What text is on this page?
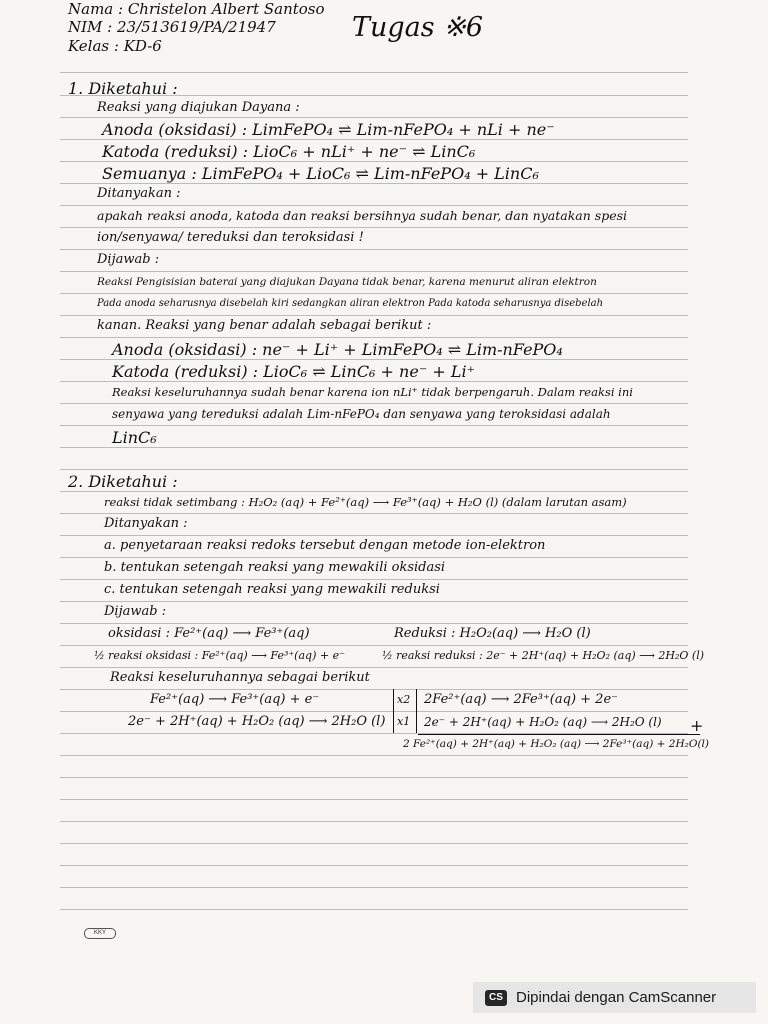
Nama : Christelon Albert Santoso
NIM : 23/513619/PA/21947
Kelas : KD-6
Tugas ※6
1. Diketahui :
Reaksi yang diajukan Dayana :
Anoda (oksidasi) : LimFePO₄ ⇌ Lim-nFePO₄ + nLi + ne⁻
Katoda (reduksi) : LioC₆ + nLi⁺ + ne⁻ ⇌ LinC₆
Semuanya : LimFePO₄ + LioC₆ ⇌ Lim-nFePO₄ + LinC₆
Ditanyakan :
apakah reaksi anoda, katoda dan reaksi bersihnya sudah benar, dan nyatakan spesi
ion/senyawa/ tereduksi dan teroksidasi !
Dijawab :
Reaksi Pengisisian baterai yang diajukan Dayana tidak benar, karena menurut aliran elektron
Pada anoda seharusnya disebelah kiri sedangkan aliran elektron Pada katoda seharusnya disebelah
kanan. Reaksi yang benar adalah sebagai berikut :
Anoda (oksidasi) : ne⁻ + Li⁺ + LimFePO₄ ⇌ Lim-nFePO₄
Katoda (reduksi) : LioC₆ ⇌ LinC₆ + ne⁻ + Li⁺
Reaksi keseluruhannya sudah benar karena ion nLi⁺ tidak berpengaruh. Dalam reaksi ini
senyawa yang tereduksi adalah Lim-nFePO₄ dan senyawa yang teroksidasi adalah
LinC₆
2. Diketahui :
reaksi tidak setimbang : H₂O₂ (aq) + Fe²⁺(aq) ⟶ Fe³⁺(aq) + H₂O (l) (dalam larutan asam)
Ditanyakan :
a. penyetaraan reaksi redoks tersebut dengan metode ion-elektron
b. tentukan setengah reaksi yang mewakili oksidasi
c. tentukan setengah reaksi yang mewakili reduksi
Dijawab :
oksidasi : Fe²⁺(aq) ⟶ Fe³⁺(aq)	Reduksi : H₂O₂(aq) ⟶ H₂O (l)
½ reaksi oksidasi : Fe²⁺(aq) ⟶ Fe³⁺(aq) + e⁻	½ reaksi reduksi : 2e⁻ + 2H⁺(aq) + H₂O₂ (aq) ⟶ 2H₂O (l)
Reaksi keseluruhannya sebagai berikut
Fe²⁺(aq) ⟶ Fe³⁺(aq) + e⁻
2e⁻ + 2H⁺(aq) + H₂O₂ (aq) ⟶ 2H₂O (l)
x2
x1
2Fe²⁺(aq) ⟶ 2Fe³⁺(aq) + 2e⁻
2e⁻ + 2H⁺(aq) + H₂O₂ (aq) ⟶ 2H₂O (l) +
2 Fe²⁺(aq) + 2H⁺(aq) + H₂O₂ (aq) ⟶ 2Fe³⁺(aq) + 2H₂O(l)
KKY
CS Dipindai dengan CamScanner
